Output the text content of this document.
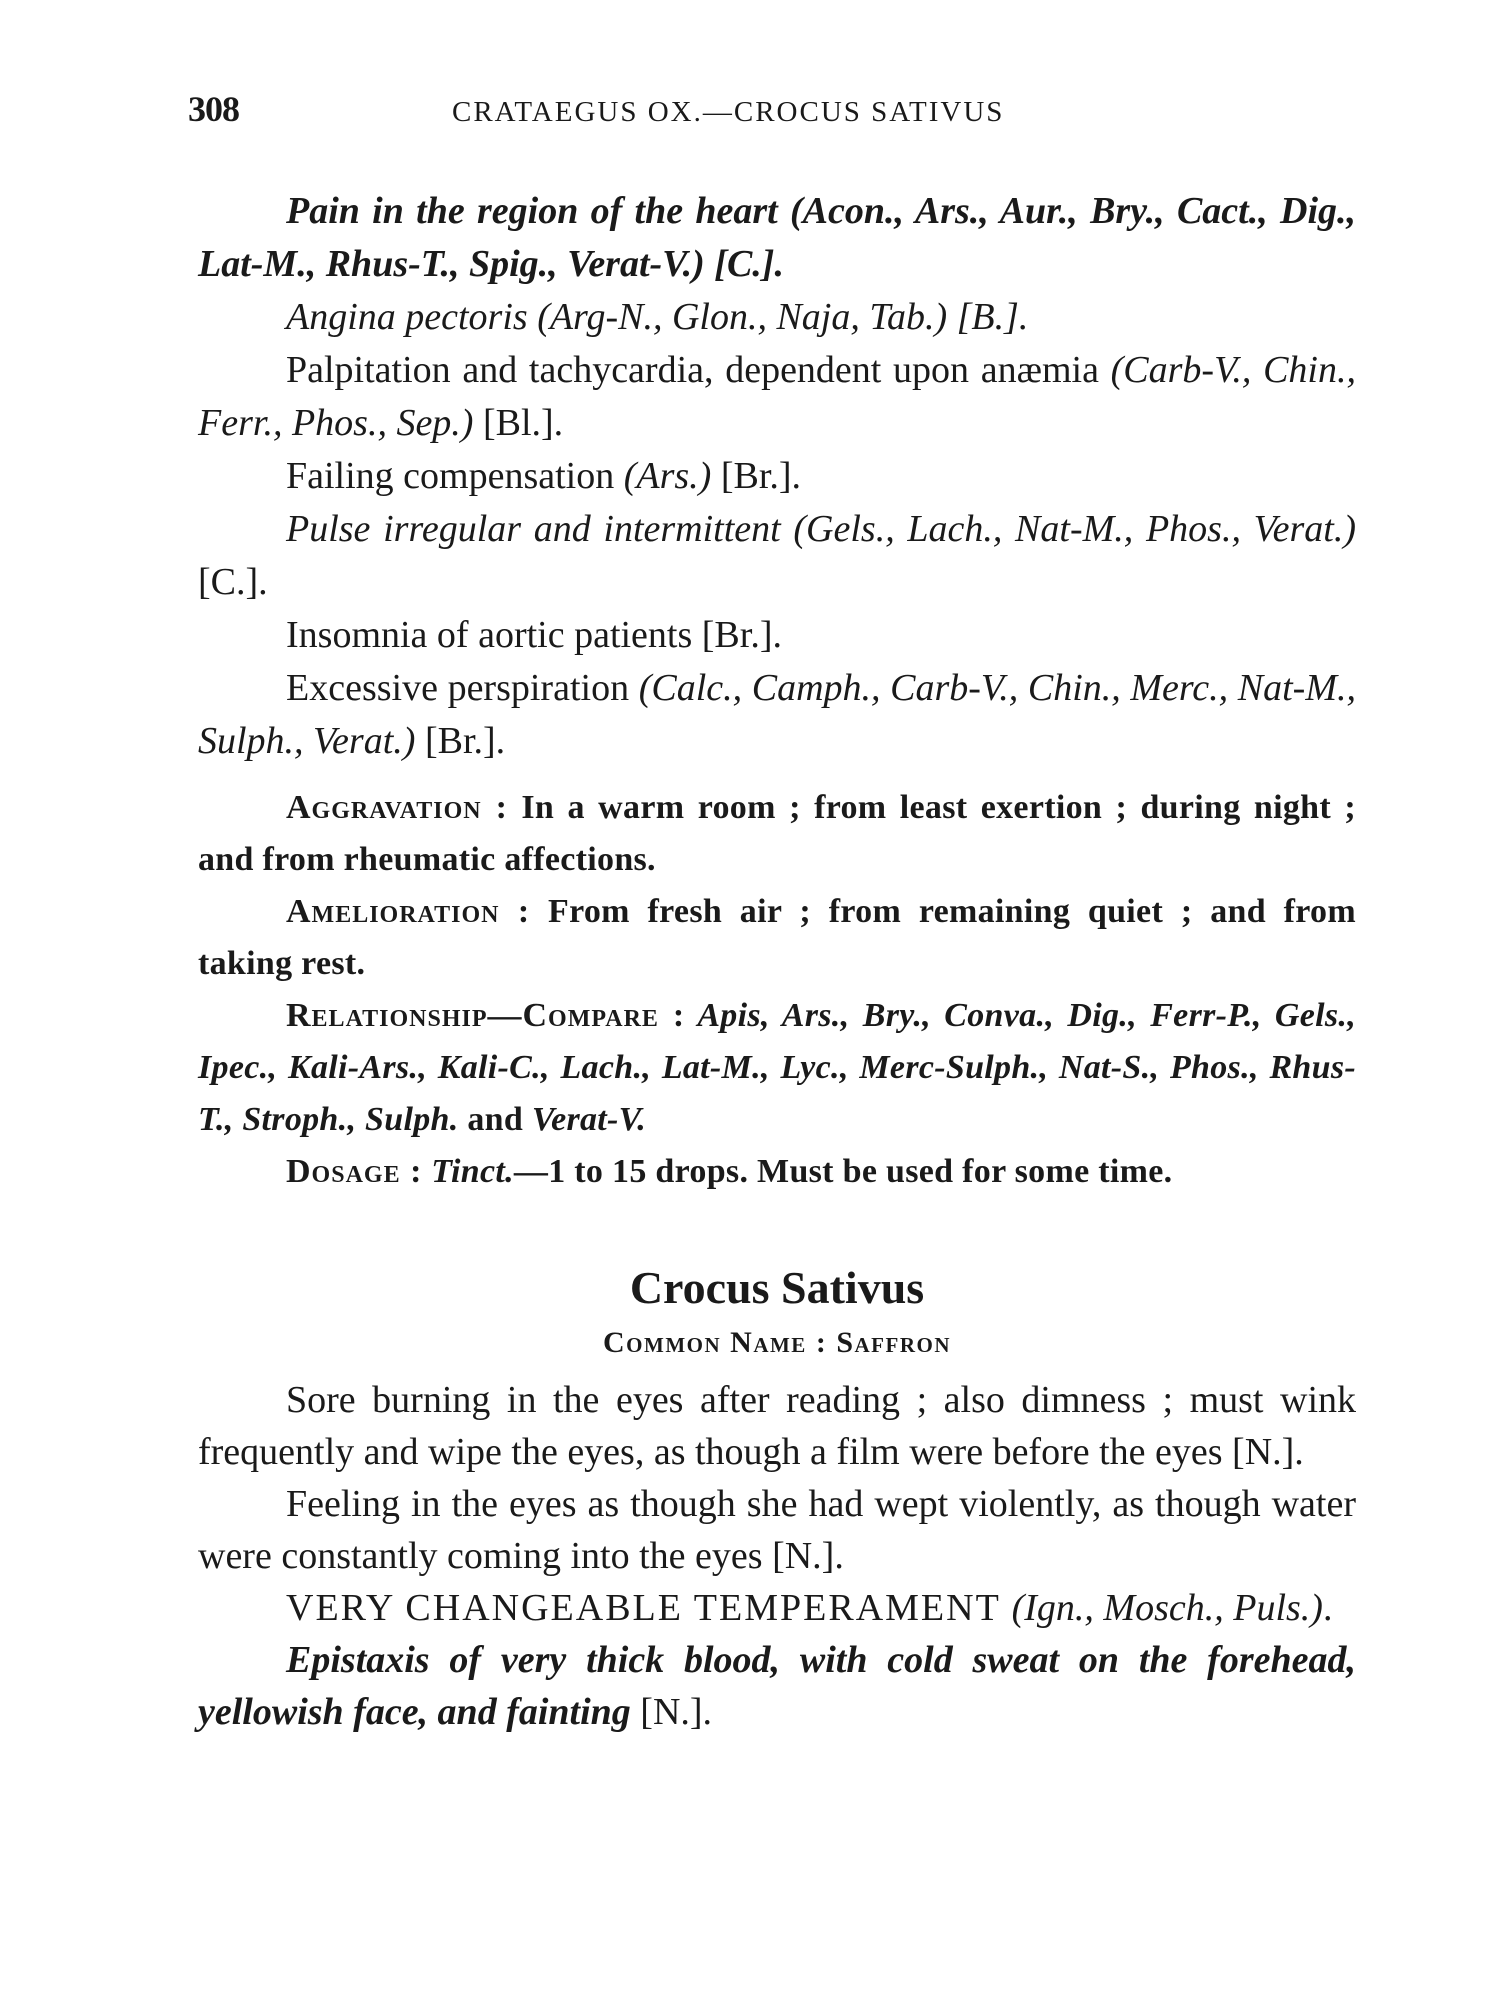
308	CRATAEGUS OX.—CROCUS SATIVUS

Pain in the region of the heart (Acon., Ars., Aur., Bry., Cact., Dig., Lat-M., Rhus-T., Spig., Verat-V.) [C.].

Angina pectoris (Arg-N., Glon., Naja, Tab.) [B.].

Palpitation and tachycardia, dependent upon anæmia (Carb-V., Chin., Ferr., Phos., Sep.) [Bl.].

Failing compensation (Ars.) [Br.].

Pulse irregular and intermittent (Gels., Lach., Nat-M., Phos., Verat.) [C.].

Insomnia of aortic patients [Br.].

Excessive perspiration (Calc., Camph., Carb-V., Chin., Merc., Nat-M., Sulph., Verat.) [Br.].

Aggravation : In a warm room ; from least exertion ; during night ; and from rheumatic affections.

Amelioration : From fresh air ; from remaining quiet ; and from taking rest.

Relationship—Compare : Apis, Ars., Bry., Conva., Dig., Ferr-P., Gels., Ipec., Kali-Ars., Kali-C., Lach., Lat-M., Lyc., Merc-Sulph., Nat-S., Phos., Rhus-T., Stroph., Sulph. and Verat-V.

Dosage : Tinct.—1 to 15 drops. Must be used for some time.

Crocus Sativus
Common Name : Saffron

Sore burning in the eyes after reading ; also dimness ; must wink frequently and wipe the eyes, as though a film were before the eyes [N.].

Feeling in the eyes as though she had wept violently, as though water were constantly coming into the eyes [N.].

VERY CHANGEABLE TEMPERAMENT (Ign., Mosch., Puls.).

Epistaxis of very thick blood, with cold sweat on the forehead, yellowish face, and fainting [N.].
